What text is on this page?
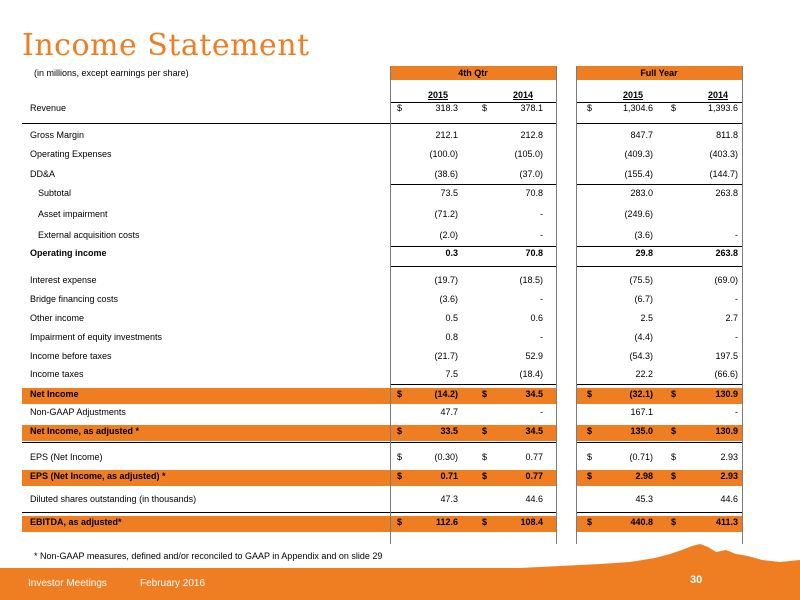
Income Statement
(in millions, except earnings per share)	4th Qtr	Full Year
2015	2014	2015	2014
Revenue	$	318.3	$	378.1	$	1,304.6 $	1,393.6
Gross Margin	212.1	212.8	847.7	811.8
Operating Expenses	(100.0)	(105.0)	(409.3)	(403.3)
DD&A	(38.6)	(37.0)	(155.4)	(144.7)
Subtotal	73.5	70.8	283.0	263.8
Asset impairment	(71.2)	-	(249.6)
External acquisition costs	(2.0)	-	(3.6)	-
Operating income	0.3	70.8	29.8	263.8
Interest expense	(19.7)	(18.5)	(75.5)	(69.0)
Bridge financing costs	(3.6)	-	(6.7)	-
Other income	0.5	0.6	2.5	2.7
Impairment of equity investments	0.8	-	(4.4)	-
Income before taxes	(21.7)	52.9	(54.3)	197.5
Income taxes	7.5	(18.4)	22.2	(66.6)
Net Income	$	(14.2)	$	34.5	$	(32.1) $	130.9
Non-GAAP Adjustments	47.7	-	167.1	-
Net Income, as adjusted *	$	33.5	$	34.5	$	135.0 $	130.9
EPS (Net Income)	$	(0.30)	$	0.77	$	(0.71) $	2.93
EPS (Net Income, as adjusted) *	$	0.71	$	0.77	$	2.98 $	2.93
Diluted shares outstanding (in thousands)	47.3	44.6	45.3	44.6
EBITDA, as adjusted*	$	112.6	$	108.4	$	440.8 $	411.3
* Non-GAAP measures, defined and/or reconciled to GAAP in Appendix and on slide 29
Investor Meetings	February 2016	30
